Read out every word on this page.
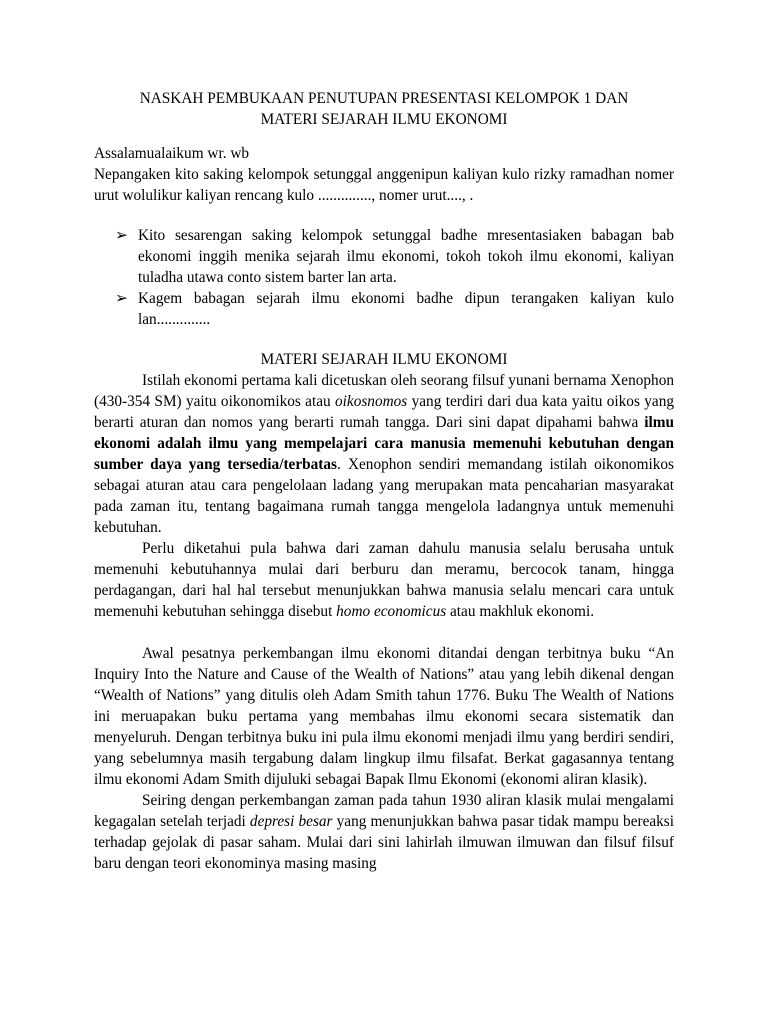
NASKAH PEMBUKAAN PENUTUPAN PRESENTASI KELOMPOK 1 DAN
MATERI SEJARAH ILMU EKONOMI

Assalamualaikum wr. wb

Nepangaken kito saking kelompok setunggal anggenipun kaliyan kulo rizky ramadhan nomer urut wolulikur kaliyan rencang kulo .............., nomer urut...., .

➢ Kito sesarengan saking kelompok setunggal badhe mresentasiaken babagan bab ekonomi inggih menika sejarah ilmu ekonomi, tokoh tokoh ilmu ekonomi, kaliyan tuladha utawa conto sistem barter lan arta.
➢ Kagem babagan sejarah ilmu ekonomi badhe dipun terangaken kaliyan kulo lan..............
MATERI SEJARAH ILMU EKONOMI

Istilah ekonomi pertama kali dicetuskan oleh seorang filsuf yunani bernama Xenophon (430-354 SM) yaitu oikonomikos atau oikosnomos yang terdiri dari dua kata yaitu oikos yang berarti aturan dan nomos yang berarti rumah tangga. Dari sini dapat dipahami bahwa ilmu ekonomi adalah ilmu yang mempelajari cara manusia memenuhi kebutuhan dengan sumber daya yang tersedia/terbatas. Xenophon sendiri memandang istilah oikonomikos sebagai aturan atau cara pengelolaan ladang yang merupakan mata pencaharian masyarakat pada zaman itu, tentang bagaimana rumah tangga mengelola ladangnya untuk memenuhi kebutuhan.

Perlu diketahui pula bahwa dari zaman dahulu manusia selalu berusaha untuk memenuhi kebutuhannya mulai dari berburu dan meramu, bercocok tanam, hingga perdagangan, dari hal hal tersebut menunjukkan bahwa manusia selalu mencari cara untuk memenuhi kebutuhan sehingga disebut homo economicus atau makhluk ekonomi.

Awal pesatnya perkembangan ilmu ekonomi ditandai dengan terbitnya buku “An Inquiry Into the Nature and Cause of the Wealth of Nations” atau yang lebih dikenal dengan “Wealth of Nations” yang ditulis oleh Adam Smith tahun 1776. Buku The Wealth of Nations ini meruapakan buku pertama yang membahas ilmu ekonomi secara sistematik dan menyeluruh. Dengan terbitnya buku ini pula ilmu ekonomi menjadi ilmu yang berdiri sendiri, yang sebelumnya masih tergabung dalam lingkup ilmu filsafat. Berkat gagasannya tentang ilmu ekonomi Adam Smith dijuluki sebagai Bapak Ilmu Ekonomi (ekonomi aliran klasik).

Seiring dengan perkembangan zaman pada tahun 1930 aliran klasik mulai mengalami kegagalan setelah terjadi depresi besar yang menunjukkan bahwa pasar tidak mampu bereaksi terhadap gejolak di pasar saham. Mulai dari sini lahirlah ilmuwan ilmuwan dan filsuf filsuf baru dengan teori ekonominya masing masing
